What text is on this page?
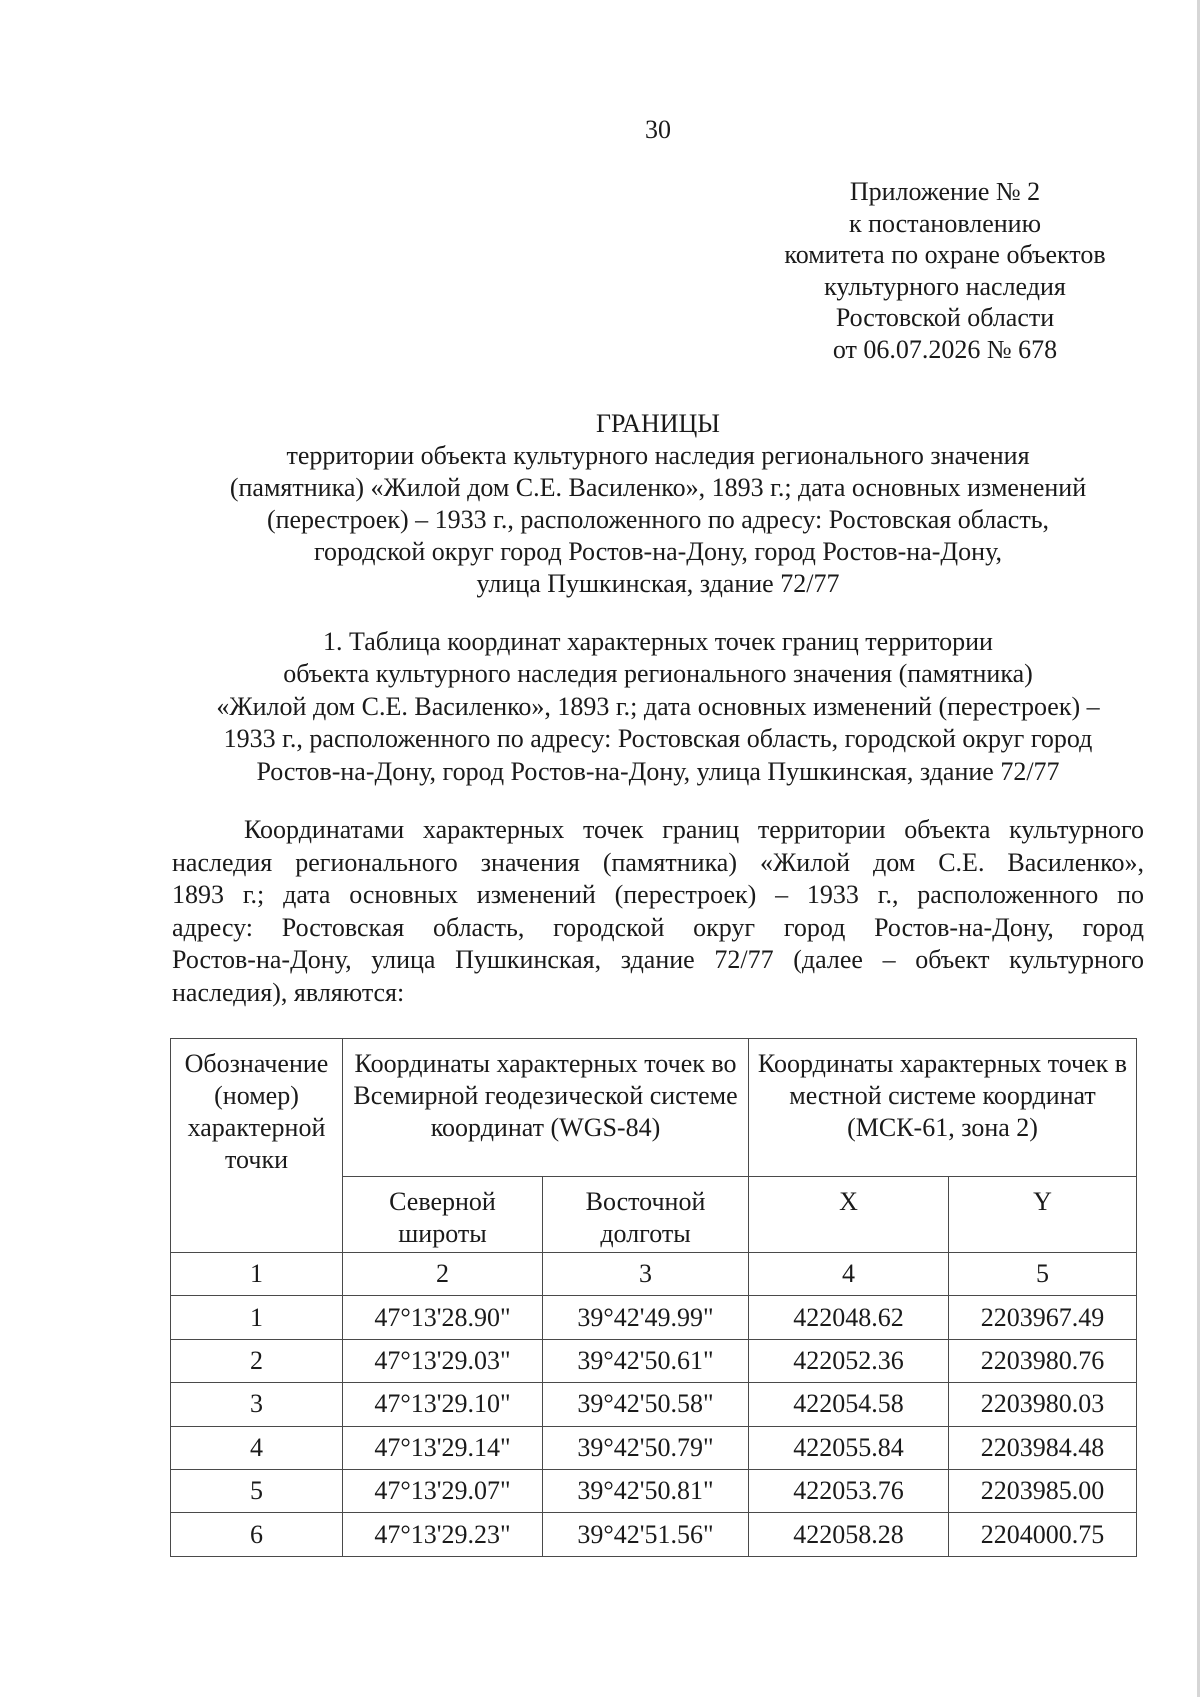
30
Приложение № 2
к постановлению
комитета по охране объектов
культурного наследия
Ростовской области
от 06.07.2026 № 678
ГРАНИЦЫ
территории объекта культурного наследия регионального значения
(памятника) «Жилой дом С.Е. Василенко», 1893 г.; дата основных изменений
(перестроек) – 1933 г., расположенного по адресу: Ростовская область,
городской округ город Ростов-на-Дону, город Ростов-на-Дону,
улица Пушкинская, здание 72/77
1. Таблица координат характерных точек границ территории
объекта культурного наследия регионального значения (памятника)
«Жилой дом С.Е. Василенко», 1893 г.; дата основных изменений (перестроек) –
1933 г., расположенного по адресу: Ростовская область, городской округ город
Ростов-на-Дону, город Ростов-на-Дону, улица Пушкинская, здание 72/77
Координатами характерных точек границ территории объекта культурного
наследия регионального значения (памятника) «Жилой дом С.Е. Василенко»,
1893 г.; дата основных изменений (перестроек) – 1933 г., расположенного по
адресу: Ростовская область, городской округ город Ростов-на-Дону, город
Ростов-на-Дону, улица Пушкинская, здание 72/77 (далее – объект культурного
наследия), являются:
Обозначение (номер) характерной точки	Координаты характерных точек во Всемирной геодезической системе координат (WGS-84)		Координаты характерных точек в местной системе координат (МСК-61, зона 2)	
	Северной широты	Восточной долготы	X	Y
1	2	3	4	5
1	47°13'28.90"	39°42'49.99"	422048.62	2203967.49
2	47°13'29.03"	39°42'50.61"	422052.36	2203980.76
3	47°13'29.10"	39°42'50.58"	422054.58	2203980.03
4	47°13'29.14"	39°42'50.79"	422055.84	2203984.48
5	47°13'29.07"	39°42'50.81"	422053.76	2203985.00
6	47°13'29.23"	39°42'51.56"	422058.28	2204000.75
